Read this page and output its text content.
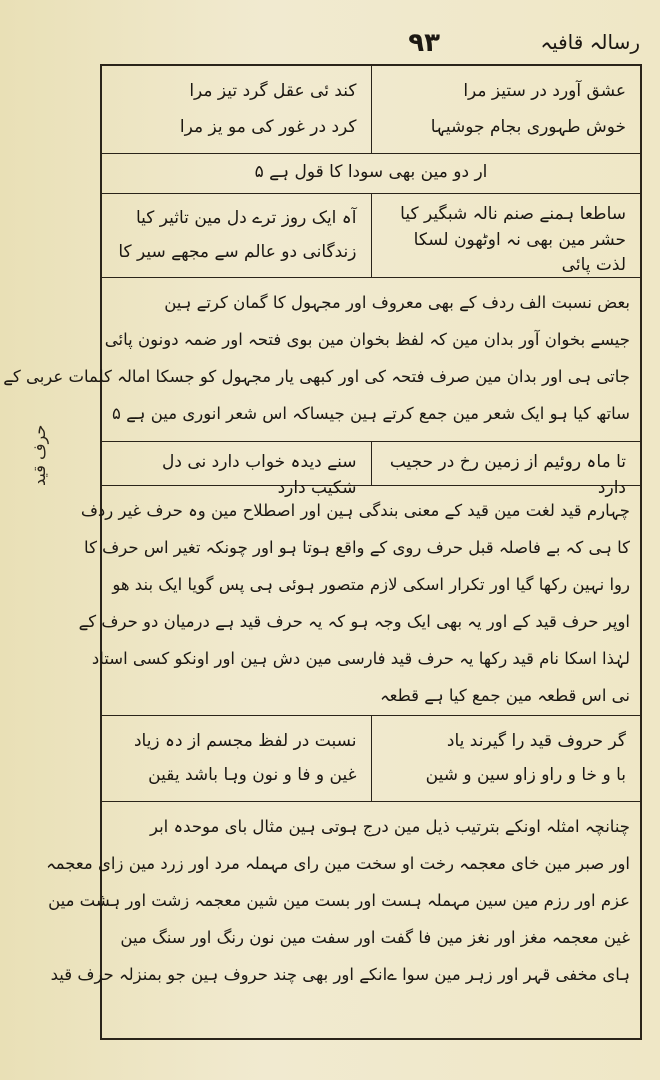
رسالہ قافیہ
۹۳
حرف قید
عشق آورد در ستیز مرا
خوش طہوری بجام جوشیہا
کند ئی عقل گرد تیز مرا
کرد در غور کی مو یز مرا
ار دو مین بھی سودا کا قول ہے ۵
ساطعا ہمنے صنم نالہ شبگیر کیا
حشر مین بھی نہ اوٹھون لسکا لذت پائی
آہ ایک روز ترے دل مین تاثیر کیا
زندگانی دو عالم سے مجھے سیر کا

بعض نسبت الف ردف کے بھی معروف اور مجہول کا گمان کرتے ہین

جیسے بخوان آور بدان مین کہ لفظ بخوان مین بوی فتحہ اور ضمہ دونون پائی

جاتی ہی اور بدان مین صرف فتحہ کی اور کبھی یار مجہول کو جسکا امالہ کلمات عربی کے

ساتھ کیا ہو ایک شعر مین جمع کرتے ہین جیساکہ اس شعر انوری مین ہے ۵

تا ماہ روئیم از زمین رخ در حجیب دارد
سنے دیدہ خواب دارد نی دل شکیب دارد

چہارم قید لغت مین قید کے معنی بندگی ہین اور اصطلاح مین وہ حرف غیر ردف

کا ہی کہ بے فاصلہ قبل حرف روی کے واقع ہوتا ہو اور چونکہ تغیر اس حرف کا

روا نہین رکھا گیا اور تکرار اسکی لازم متصور ہوئی ہی پس گویا ایک بند ھو

اوپر حرف قید کے اور یہ بھی ایک وجہ ہو کہ یہ حرف قید ہے درمیان دو حرف کے

لہٰذا اسکا نام قید رکھا یہ حرف قید فارسی مین دش ہین اور اونکو کسی استاد

نی اس قطعہ مین جمع کیا ہے قطعہ

گر حروف قید را گیرند یاد
با و خا و راو زاو سین و شین
نسبت در لفظ مجسم از دہ زیاد
غین و فا و نون وہا باشد یقین

چنانچہ امثلہ اونکے بترتیب ذیل مین درج ہوتی ہین مثال بای موحدہ ابر

اور صبر مین خای معجمہ رخت او سخت مین رای مہملہ مرد اور زرد مین زای معجمہ

عزم اور رزم مین سین مہملہ ہست اور بست مین شین معجمہ زشت اور ہشت مین

غین معجمہ مغز اور نغز مین فا گفت اور سفت مین نون رنگ اور سنگ مین

ہای مخفی قہر اور زہر مین سوا ےانکے اور بھی چند حروف ہین جو بمنزلہ حرف قید
